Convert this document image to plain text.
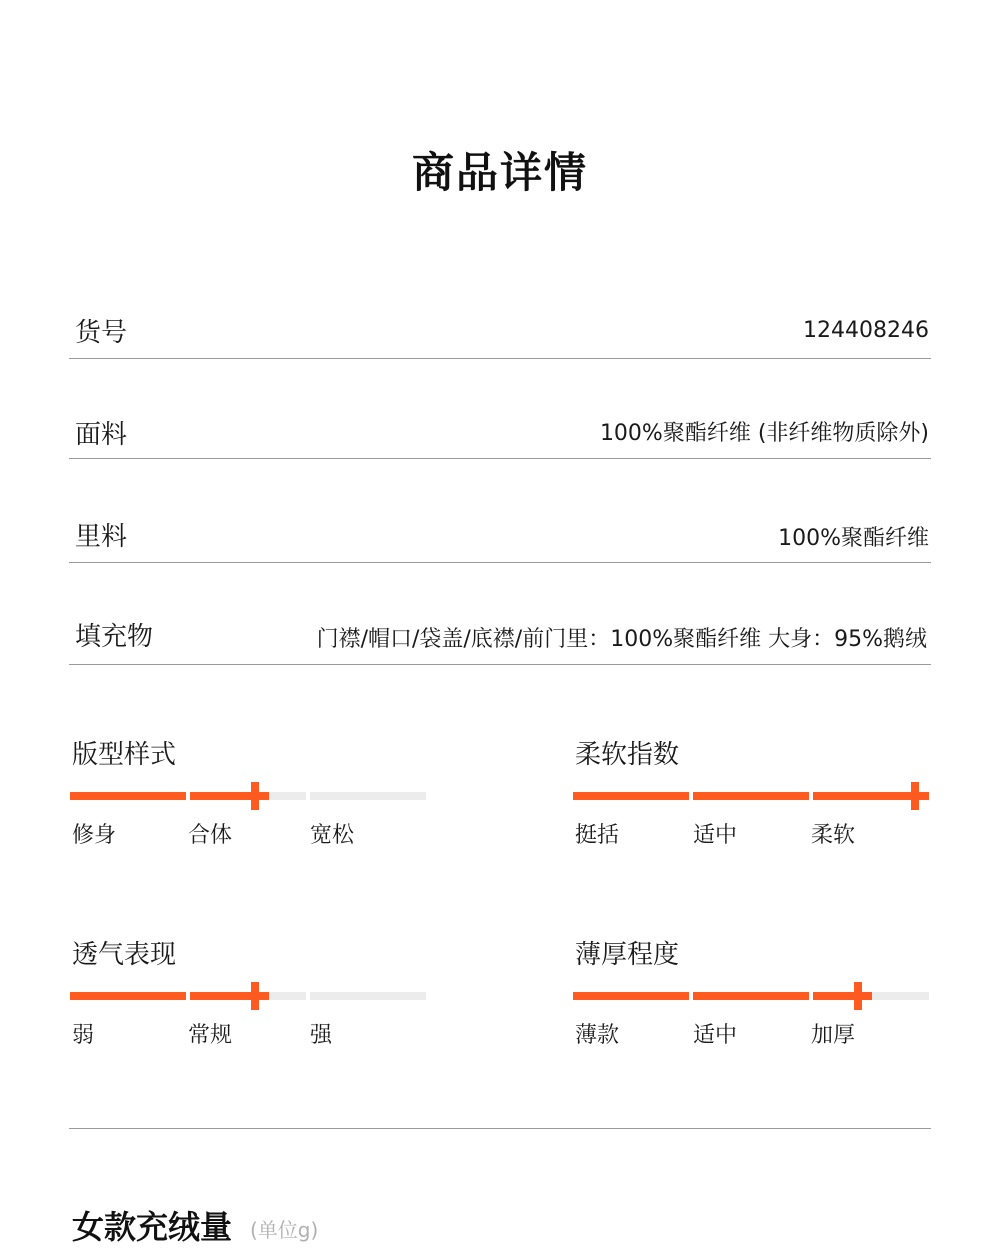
商品详情
货号	124408246
面料	100%聚酯纤维 (非纤维物质除外)
里料	100%聚酯纤维
填充物	门襟/帽口/袋盖/底襟/前门里：100%聚酯纤维 大身：95%鹅绒
版型样式
修身	合体	宽松
柔软指数
挺括	适中	柔软
透气表现
弱	常规	强
薄厚程度
薄款	适中	加厚
女款充绒量 (单位g)
